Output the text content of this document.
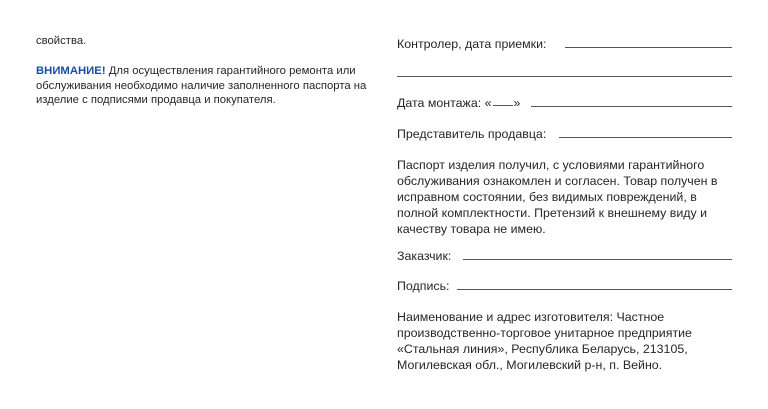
свойства.

ВНИМАНИЕ! Для осуществления гарантийного ремонта или обслуживания необходимо наличие заполненного паспорта на изделие с подписями продавца и покупателя.

Контролер, дата приемки:
Дата монтажа: « »
Представитель продавца:

Паспорт изделия получил, с условиями гарантийного обслуживания ознакомлен и согласен. Товар получен в исправном состоянии, без видимых повреждений, в полной комплектности. Претензий к внешнему виду и качеству товара не имею.

Заказчик:
Подпись:

Наименование и адрес изготовителя: Частное производственно-торговое унитарное предприятие «Стальная линия», Республика Беларусь, 213105, Могилевская обл., Могилевский р-н, п. Вейно.
